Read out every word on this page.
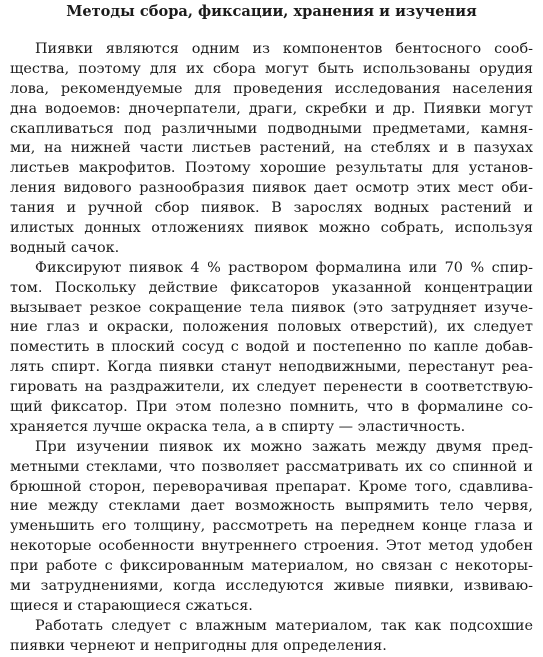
Методы сбора, фиксации, хранения и изучения
Пиявки являются одним из компонентов бентосного сооб-
щества, поэтому для их сбора могут быть использованы орудия
лова, рекомендуемые для проведения исследования населения
дна водоемов: дночерпатели, драги, скребки и др. Пиявки могут
скапливаться под различными подводными предметами, камня-
ми, на нижней части листьев растений, на стеблях и в пазухах
листьев макрофитов. Поэтому хорошие результаты для установ-
ления видового разнообразия пиявок дает осмотр этих мест оби-
тания и ручной сбор пиявок. В зарослях водных растений и
илистых донных отложениях пиявок можно собрать, используя
водный сачок.
Фиксируют пиявок 4 % раствором формалина или 70 % спир-
том. Поскольку действие фиксаторов указанной концентрации
вызывает резкое сокращение тела пиявок (это затрудняет изуче-
ние глаз и окраски, положения половых отверстий), их следует
поместить в плоский сосуд с водой и постепенно по капле добав-
лять спирт. Когда пиявки станут неподвижными, перестанут реа-
гировать на раздражители, их следует перенести в соответствую-
щий фиксатор. При этом полезно помнить, что в формалине со-
храняется лучше окраска тела, а в спирту — эластичность.
При изучении пиявок их можно зажать между двумя пред-
метными стеклами, что позволяет рассматривать их со спинной и
брюшной сторон, переворачивая препарат. Кроме того, сдавлива-
ние между стеклами дает возможность выпрямить тело червя,
уменьшить его толщину, рассмотреть на переднем конце глаза и
некоторые особенности внутреннего строения. Этот метод удобен
при работе с фиксированным материалом, но связан с некоторы-
ми затруднениями, когда исследуются живые пиявки, извиваю-
щиеся и старающиеся сжаться.
Работать следует с влажным материалом, так как подсохшие
пиявки чернеют и непригодны для определения.
